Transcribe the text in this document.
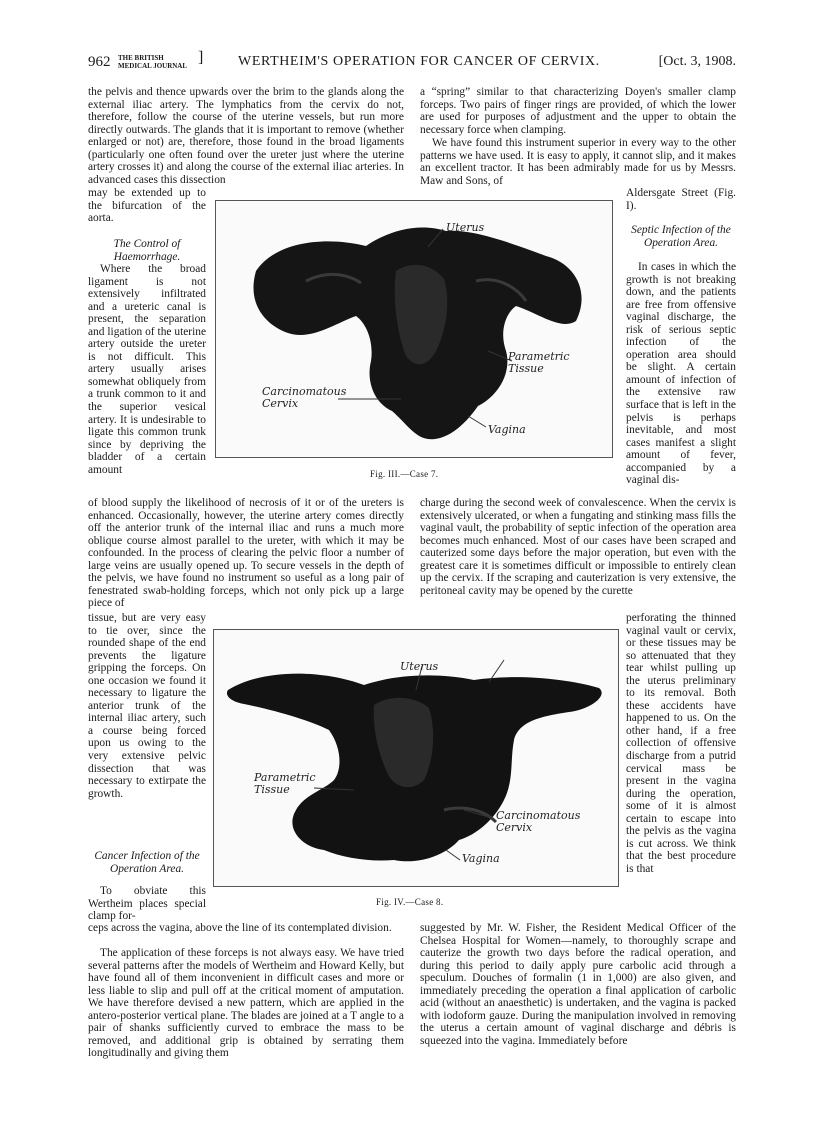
962 THE BRITISH
MEDICAL JOURNAL ] WERTHEIM'S OPERATION FOR CANCER OF CERVIX.	[Oct. 3, 1908.

the pelvis and thence upwards over the brim to the glands along the external iliac artery. The lymphatics from the cervix do not, therefore, follow the course of the uterine vessels, but run more directly outwards. The glands that it is important to remove (whether enlarged or not) are, therefore, those found in the broad ligaments (particularly one often found over the ureter just where the uterine artery crosses it) and along the course of the external iliac arteries. In advanced cases this dissection

may be extended up to the bifurcation of the aorta.

The Control of Haemorrhage.

Where the broad ligament is not extensively infiltrated and a ureteric canal is present, the separation and ligation of the uterine artery outside the ureter is not difficult. This artery usually arises somewhat obliquely from a trunk common to it and the superior vesical artery. It is undesirable to ligate this common trunk since by depriving the bladder of a certain amount

of blood supply the likelihood of necrosis of it or of the ureters is enhanced. Occasionally, however, the uterine artery comes directly off the anterior trunk of the internal iliac and runs a much more oblique course almost parallel to the ureter, with which it may be confounded. In the process of clearing the pelvic floor a number of large veins are usually opened up. To secure vessels in the depth of the pelvis, we have found no instrument so useful as a long pair of fenestrated swab-holding forceps, which not only pick up a large piece of

tissue, but are very easy to tie over, since the rounded shape of the end prevents the ligature gripping the forceps. On one occasion we found it necessary to ligature the anterior trunk of the internal iliac artery, such a course being forced upon us owing to the very extensive pelvic dissection that was necessary to extirpate the growth.

Cancer Infection of the Operation Area.

To obviate this Wertheim places special clamp for-

ceps across the vagina, above the line of its contemplated division.

The application of these forceps is not always easy. We have tried several patterns after the models of Wertheim and Howard Kelly, but have found all of them inconvenient in difficult cases and more or less liable to slip and pull off at the critical moment of amputation. We have therefore devised a new pattern, which are applied in the antero-posterior vertical plane. The blades are joined at a T angle to a pair of shanks sufficiently curved to embrace the mass to be removed, and additional grip is obtained by serrating them longitudinally and giving them

a “spring” similar to that characterizing Doyen's smaller clamp forceps. Two pairs of finger rings are provided, of which the lower are used for purposes of adjustment and the upper to obtain the necessary force when clamping.

We have found this instrument superior in every way to the other patterns we have used. It is easy to apply, it cannot slip, and it makes an excellent tractor. It has been admirably made for us by Messrs. Maw and Sons, of

Aldersgate Street (Fig. I).

Septic Infection of the Operation Area.

In cases in which the growth is not breaking down, and the patients are free from offensive vaginal discharge, the risk of serious septic infection of the operation area should be slight. A certain amount of infection of the extensive raw surface that is left in the pelvis is perhaps inevitable, and most cases manifest a slight amount of fever, accompanied by a vaginal dis-

charge during the second week of convalescence. When the cervix is extensively ulcerated, or when a fungating and stinking mass fills the vaginal vault, the probability of septic infection of the operation area becomes much enhanced. Most of our cases have been scraped and cauterized some days before the major operation, but even with the greatest care it is sometimes difficult or impossible to entirely clean up the cervix. If the scraping and cauterization is very extensive, the peritoneal cavity may be opened by the curette

perforating the thinned vaginal vault or cervix, or these tissues may be so attenuated that they tear whilst pulling up the uterus preliminary to its removal. Both these accidents have happened to us. On the other hand, if a free collection of offensive discharge from a putrid cervical mass be present in the vagina during the operation, some of it is almost certain to escape into the pelvis as the vagina is cut across. We think that the best procedure is that

suggested by Mr. W. Fisher, the Resident Medical Officer of the Chelsea Hospital for Women—namely, to thoroughly scrape and cauterize the growth two days before the radical operation, and during this period to daily apply pure carbolic acid through a speculum. Douches of formalin (1 in 1,000) are also given, and immediately preceding the operation a final application of carbolic acid (without an anaesthetic) is undertaken, and the vagina is packed with iodoform gauze. During the manipulation involved in removing the uterus a certain amount of vaginal discharge and débris is squeezed into the vagina. Immediately before

Uterus
Parametric Tissue
Carcinomatous Cervix
Vagina
Fig. III.—Case 7.
Uterus
Parametric Tissue
Carcinomatous Cervix
Vagina
Fig. IV.—Case 8.
